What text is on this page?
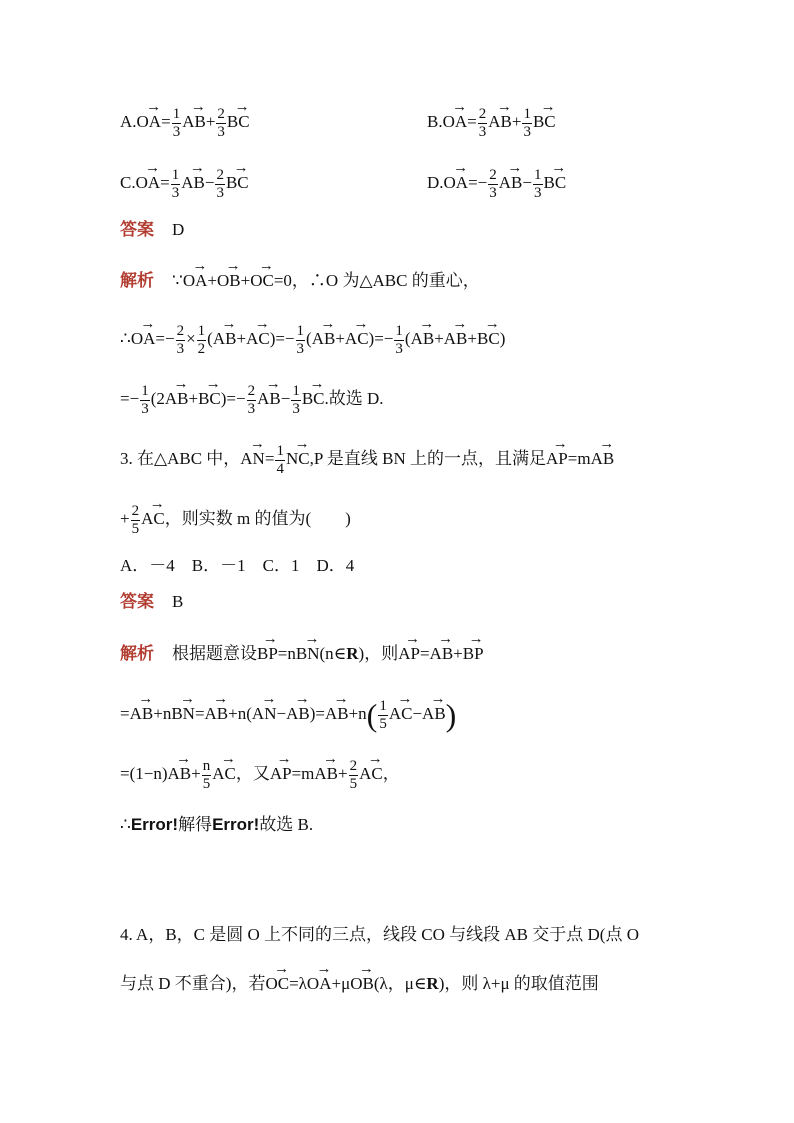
$A.\to OA= \frac{1}{3}$
→ $AB+ \frac{2}{3}$
→ BC	$B.\to OA= \frac{2}{3}$
→ $AB+ \frac{1}{3}$
→ BC
$C.\to OA= \frac{1}{3}$
→ $AB- \frac{2}{3}$
→ BC	$D.\to OA=- \frac{2}{3}$
→ $AB- \frac{1}{3}$
→ BC
答案 D
解析 ∵→ OA+→ OB+→ OC=0，∴O 为△ABC 的重心，
∴→ $OA=- \frac{2}{3} \times \frac{1}{2}$ (→ $AB+\to AC)=- \frac{1}{3}$ (→ $AB+\to AC)=- \frac{1}{3}$ (→ AB+→ AB+→ BC)
=− $\frac{1}{3} (2\to AB+\to BC)=- \frac{2}{3}$
→ $AB- \frac{1}{3}$
→ BC.故选 D.
3. 在△ABC 中，→ $AN= \frac{1}{4}$
→ NC,P 是直线 BN 上的一点，且满足→ AP=m→ AB
+ $\frac{2}{5}$
→ AC，则实数 m 的值为(　　)
A．－4　B．－1　C．1　D．4
答案 B
解析 根据题意设→ BP=n→ BN(n∈R)，则→ AP=→ AB+→ BP
=→ $AB+n\to BN=\to AB+n(\to AN-\to AB)=\to AB+n( \frac{1}{5}$
→ AC−→ AB)
$=(1-n)\to AB+ \frac{n}{5}$
→ AC，又→ $AP=m\to AB+ \frac{2}{5}$
→ AC，
∴Error!解得Error!故选 B.
4. A，B，C 是圆 O 上不同的三点，线段 CO 与线段 AB 交于点 D(点 O
与点 D 不重合)，若→ OC=λ→ OA+μ→ OB(λ，μ∈R)，则 λ+μ 的取值范围
